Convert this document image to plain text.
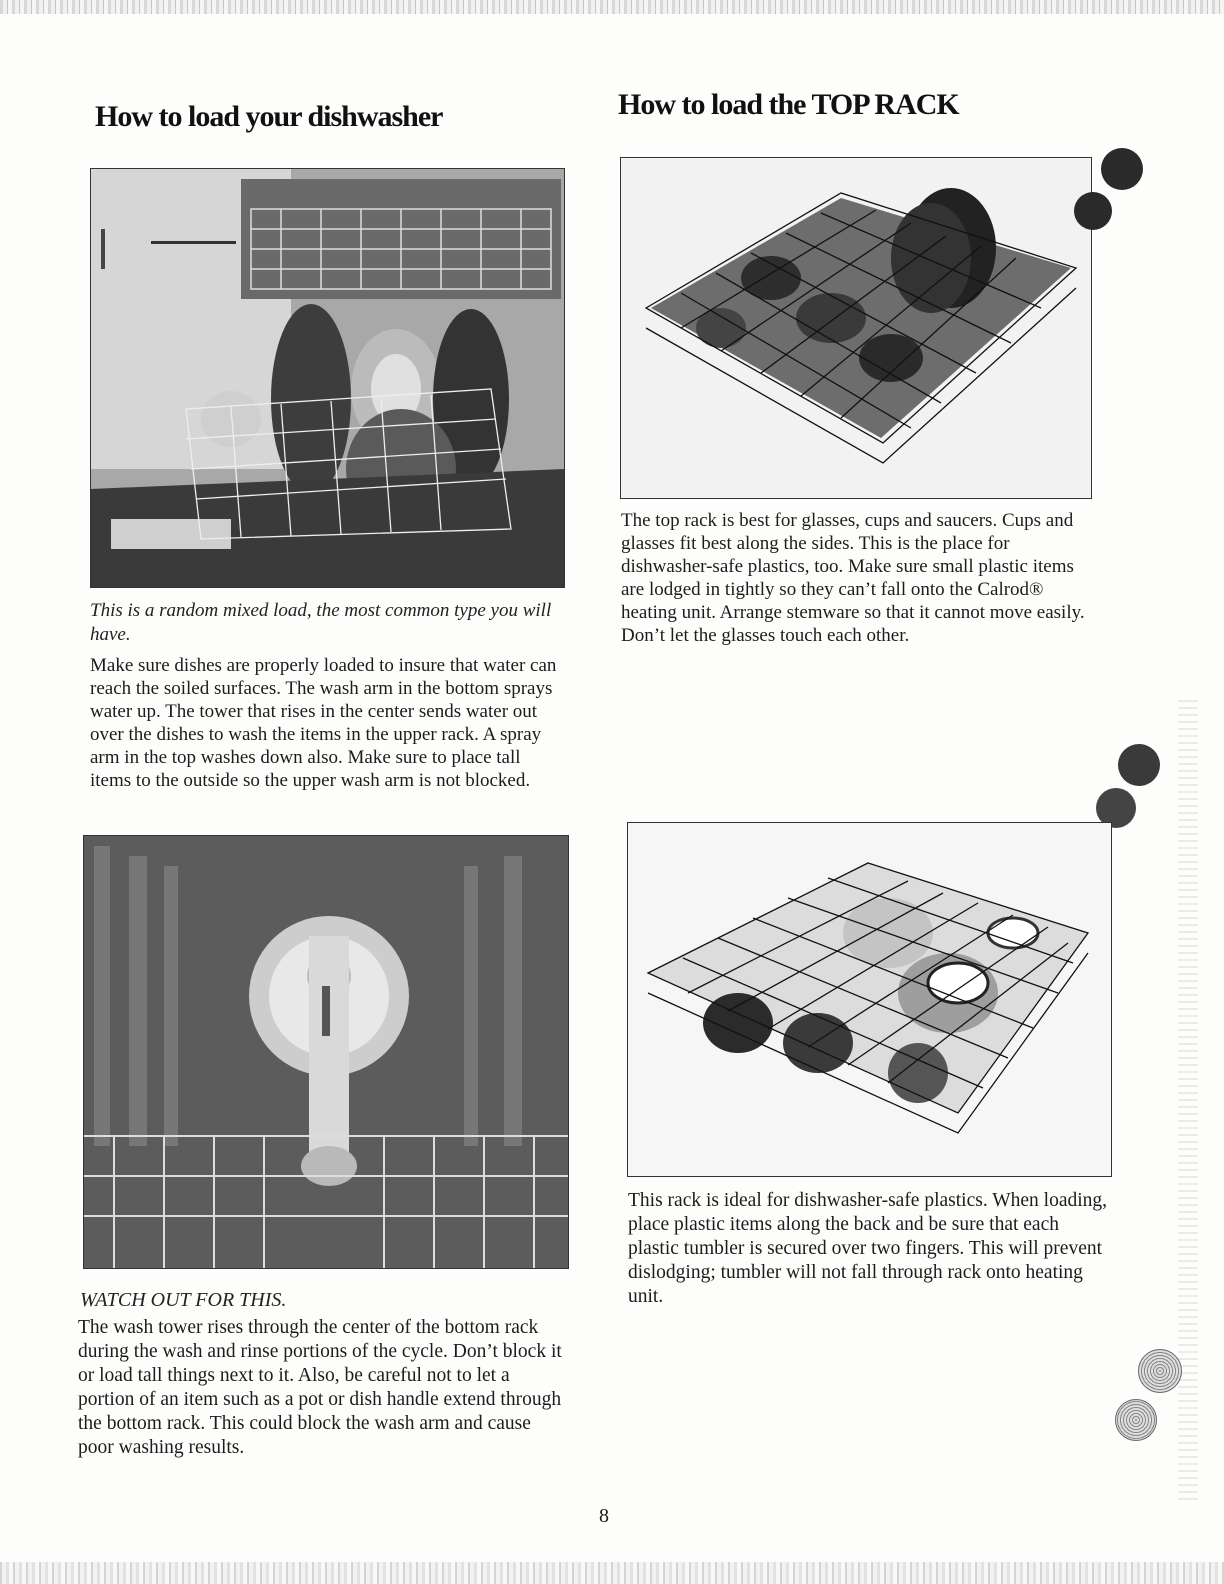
How to load your dishwasher

This is a random mixed load, the most common type you will have.

Make sure dishes are properly loaded to insure that water can reach the soiled surfaces. The wash arm in the bottom sprays water up. The tower that rises in the center sends water out over the dishes to wash the items in the upper rack. A spray arm in the top washes down also. Make sure to place tall items to the outside so the upper wash arm is not blocked.

WATCH OUT FOR THIS.

The wash tower rises through the center of the bottom rack during the wash and rinse portions of the cycle. Don’t block it or load tall things next to it. Also, be careful not to let a portion of an item such as a pot or dish handle extend through the bottom rack. This could block the wash arm and cause poor washing results.

How to load the TOP RACK

The top rack is best for glasses, cups and saucers. Cups and glasses fit best along the sides. This is the place for dishwasher-safe plastics, too. Make sure small plastic items are lodged in tightly so they can’t fall onto the Calrod® heating unit. Arrange stemware so that it cannot move easily. Don’t let the glasses touch each other.

This rack is ideal for dishwasher-safe plastics. When loading, place plastic items along the back and be sure that each plastic tumbler is secured over two fingers. This will prevent dislodging; tumbler will not fall through rack onto heating unit.

8
